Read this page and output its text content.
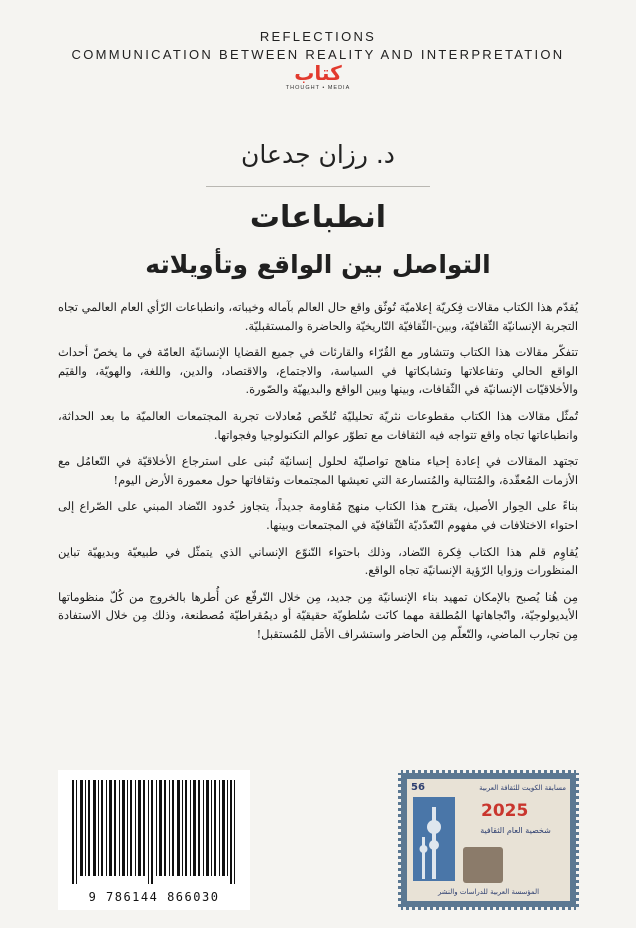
REFLECTIONS
COMMUNICATION BETWEEN REALITY AND INTERPRETATION
كتاب
THOUGHT • MEDIA
د. رزان جدعان
انطباعات
التواصل بين الواقع وتأويلاته

يُقدّم هذا الكتاب مقالات فِكريّة إعلاميّة تُوثّق واقع حال العالم بآماله وخيباته، وانطباعات الرّأي العام العالمي تجاه التجربة الإنسانيّة الثّقافيّة، وبين-الثّقافيّة التّاريخيّة والحاضرة والمستقبليّة.

تتفكّر مقالات هذا الكتاب وتتشاور مع القُرّاء والقارئات في جميع القضايا الإنسانيّة العامّة في ما يخصّ أحداث الواقع الحالي وتفاعلاتها وتشابكاتها في السياسة، والاجتماع، والاقتصاد، والدين، واللغة، والهويّة، والقيَم والأخلاقيّات الإنسانيّة في الثّقافات، وبينها وبين الواقع والبديهيّة والصّورة.

تُمثّل مقالات هذا الكتاب مقطوعات نثريّة تحليليّة تُلخّص مُعادلات تجربة المجتمعات العالميّة ما بعد الحداثة، وانطباعاتها تجاه واقع تتواجه فيه الثقافات مع تطوّر عوالم التكنولوجيا وفجواتها.

تجتهد المقالات في إعادة إحياء مناهج تواصليّة لحلول إنسانيّة تُبنى على استرجاع الأخلاقيّة في التّعامُل مع الأزمات المُعقّدة، والمُتتالية والمُتسارعة التي تعيشها المجتمعات وثقافاتها حول معمورة الأرض اليوم!

بناءً على الحِوار الأصيل، يقترح هذا الكتاب منهج مُقاومة جديداً، يتجاوز حُدود التّضاد المبني على الصّراع إلى احتواء الاختلافات في مفهوم التّعدّديّة الثّقافيّة في المجتمعات وبينها.

يُقاوِم قلم هذا الكتاب فِكرة التّضاد، وذلك باحتواء التّنوّع الإنساني الذي يتمثّل في طبيعيّة وبديهيّة تباين المنظورات وزوايا الرّؤية الإنسانيّة تجاه الواقع.

مِن هُنا يُصبح بالإمكان تمهيد بناء الإنسانيّة مِن جديد، مِن خلال التّرفّع عن أُطرها بالخروج من كُلّ منظوماتها الأيديولوجيّة، واتّجاهاتها المُطلقة مهما كانَت سُلطويّة حقيقيّة أو ديمُقراطيّة مُصطنعة، وذلك مِن خلال الاستفادة مِن تجارب الماضي، والتّعلّم مِن الحاضر واستشراف الأمَل للمُستقبل!

9 786144 866030
56	مسابقة الكويت للثقافة العربية
2025
شخصية العام الثقافية
المؤسسة العربية للدراسات والنشر
